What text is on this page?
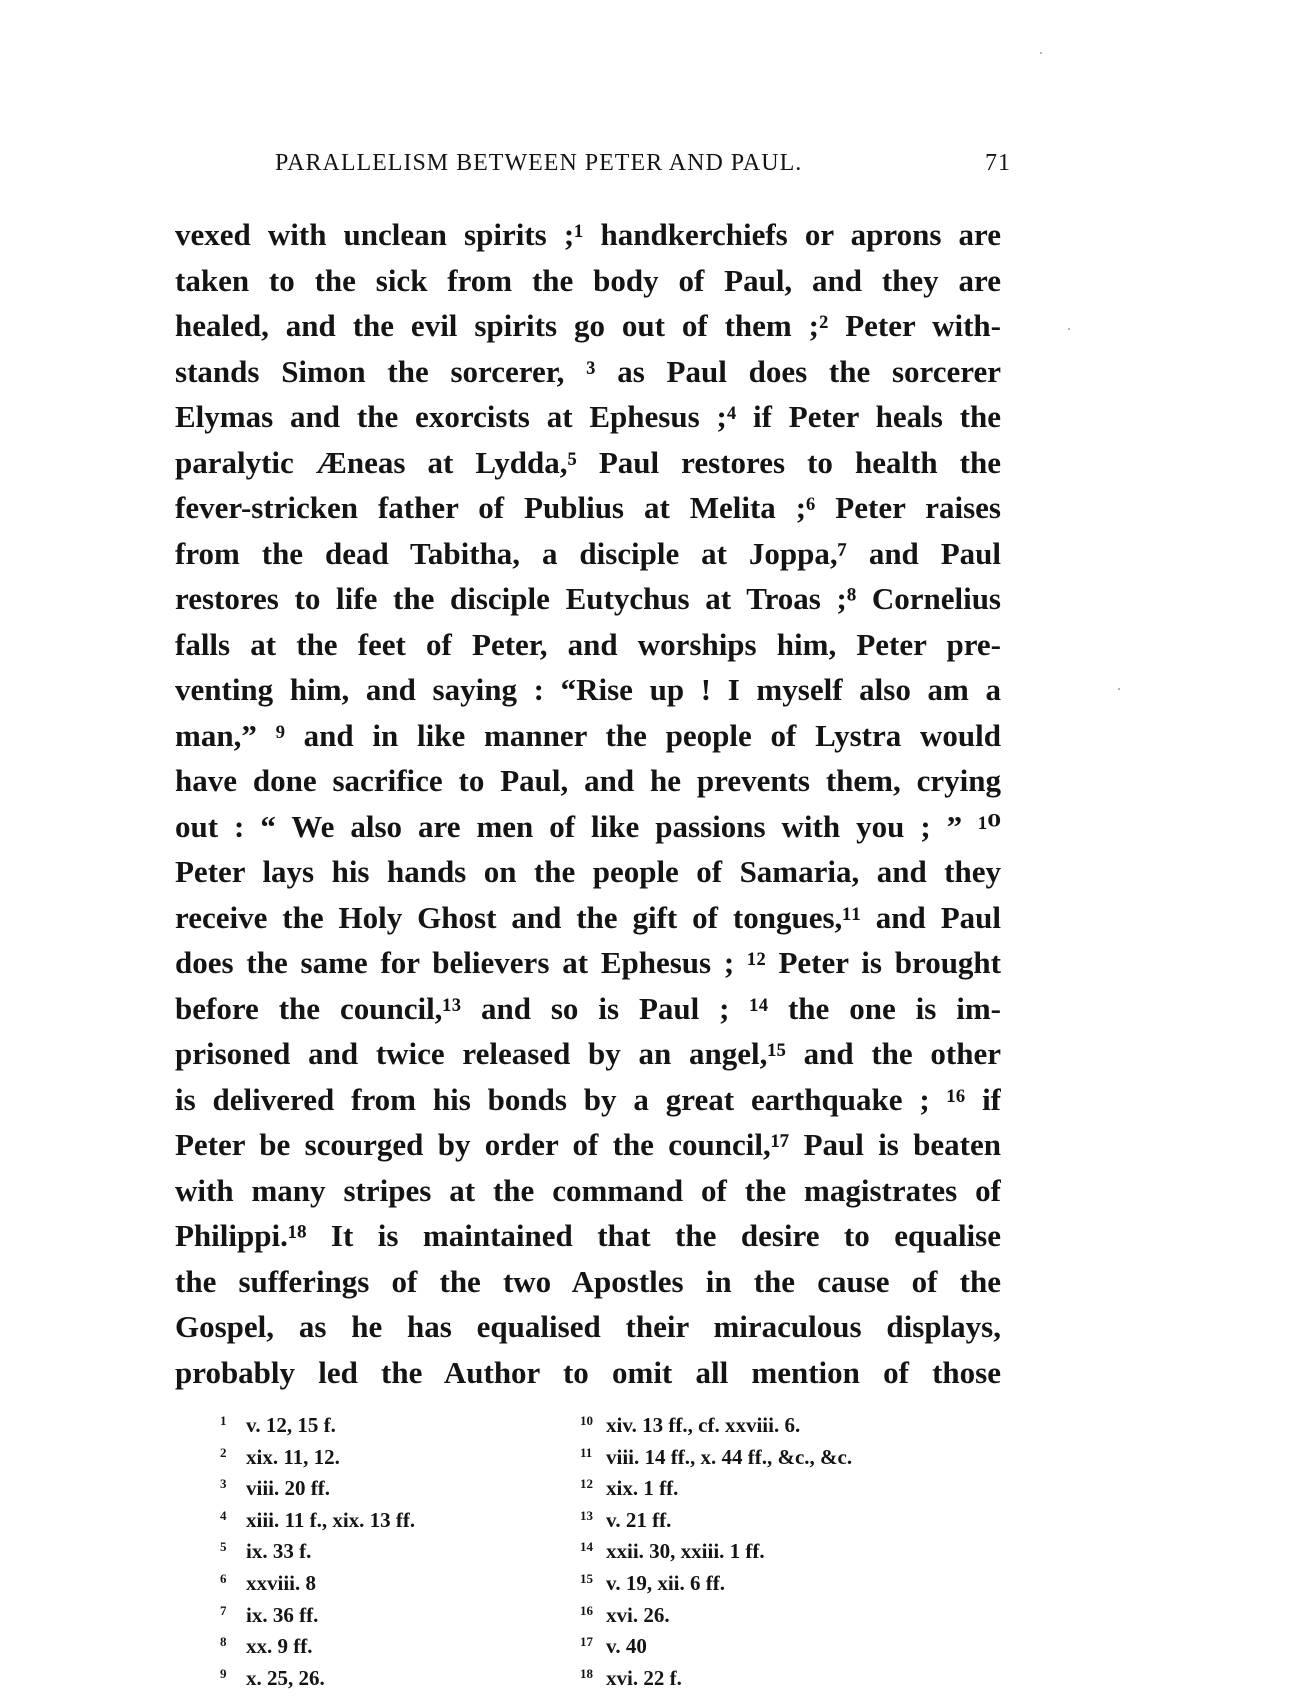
PARALLELISM BETWEEN PETER AND PAUL.	71
vexed with unclean spirits ;¹ handkerchiefs or aprons are
taken to the sick from the body of Paul, and they are
healed, and the evil spirits go out of them ;² Peter with-
stands Simon the sorcerer, ³ as Paul does the sorcerer
Elymas and the exorcists at Ephesus ;⁴ if Peter heals the
paralytic Æneas at Lydda,⁵ Paul restores to health the
fever-stricken father of Publius at Melita ;⁶ Peter raises
from the dead Tabitha, a disciple at Joppa,⁷ and Paul
restores to life the disciple Eutychus at Troas ;⁸ Cornelius
falls at the feet of Peter, and worships him, Peter pre-
venting him, and saying : “Rise up ! I myself also am a
man,” ⁹ and in like manner the people of Lystra would
have done sacrifice to Paul, and he prevents them, crying
out : “ We also are men of like passions with you ; ” ¹⁰
Peter lays his hands on the people of Samaria, and they
receive the Holy Ghost and the gift of tongues,¹¹ and Paul
does the same for believers at Ephesus ; ¹² Peter is brought
before the council,¹³ and so is Paul ; ¹⁴ the one is im-
prisoned and twice released by an angel,¹⁵ and the other
is delivered from his bonds by a great earthquake ; ¹⁶ if
Peter be scourged by order of the council,¹⁷ Paul is beaten
with many stripes at the command of the magistrates of
Philippi.¹⁸ It is maintained that the desire to equalise
the sufferings of the two Apostles in the cause of the
Gospel, as he has equalised their miraculous displays,
probably led the Author to omit all mention of those
1 v. 12, 15 f.
2 xix. 11, 12.
3 viii. 20 ff.
4 xiii. 11 f., xix. 13 ff.
5 ix. 33 f.
6 xxviii. 8
7 ix. 36 ff.
8 xx. 9 ff.
9 x. 25, 26.
10 xiv. 13 ff., cf. xxviii. 6.
11 viii. 14 ff., x. 44 ff., &c., &c.
12 xix. 1 ff.
13 v. 21 ff.
14 xxii. 30, xxiii. 1 ff.
15 v. 19, xii. 6 ff.
16 xvi. 26.
17 v. 40
18 xvi. 22 f.
